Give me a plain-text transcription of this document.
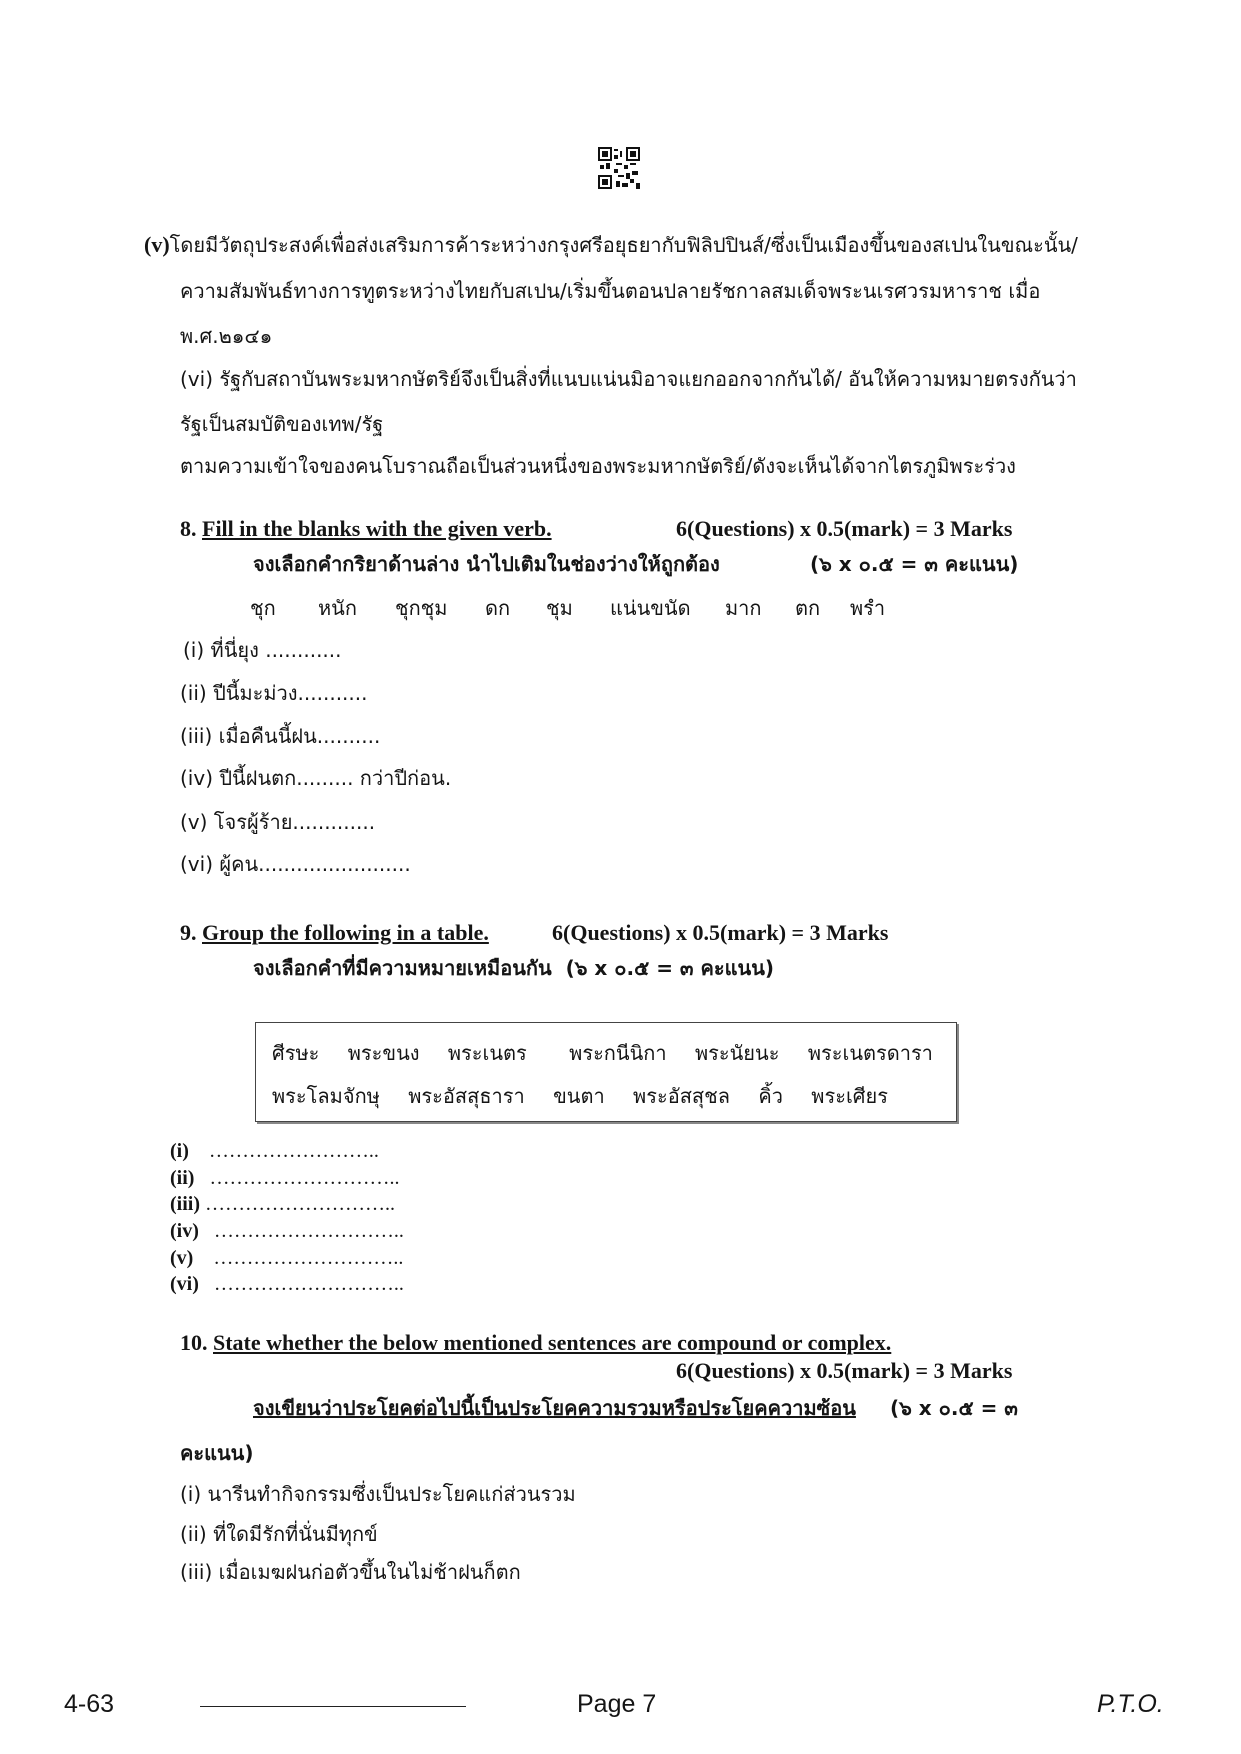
(v)โดยมีวัตถุประสงค์เพื่อส่งเสริมการค้าระหว่างกรุงศรีอยุธยากับฟิลิปปินส์/ซึ่งเป็นเมืองขึ้นของสเปนในขณะนั้น/
ความสัมพันธ์ทางการทูตระหว่างไทยกับสเปน/เริ่มขึ้นตอนปลายรัชกาลสมเด็จพระนเรศวรมหาราช เมื่อ
พ.ศ.๒๑๔๑
(vi) รัฐกับสถาบันพระมหากษัตริย์จึงเป็นสิ่งที่แนบแน่นมิอาจแยกออกจากกันได้/ อันให้ความหมายตรงกันว่า
รัฐเป็นสมบัติของเทพ/รัฐ
ตามความเข้าใจของคนโบราณถือเป็นส่วนหนึ่งของพระมหากษัตริย์/ดังจะเห็นได้จากไตรภูมิพระร่วง
8. Fill in the blanks with the given verb.	6(Questions) x 0.5(mark) = 3 Marks
จงเลือกคำกริยาด้านล่าง นำไปเติมในช่องว่างให้ถูกต้อง	(๖ x ๐.๕ = ๓ คะแนน)
ชุก หนัก ชุกชุม ดก ชุม แน่นขนัด มาก ตก พรำ
(i) ที่นี่ยุง ............
(ii) ปีนี้มะม่วง...........
(iii) เมื่อคืนนี้ฝน..........
(iv) ปีนี้ฝนตก......... กว่าปีก่อน.
(v) โจรผู้ร้าย.............
(vi) ผู้คน........................
9. Group the following in a table.	6(Questions) x 0.5(mark) = 3 Marks
จงเลือกคำที่มีความหมายเหมือนกัน (๖ x ๐.๕ = ๓ คะแนน)
ศีรษะ พระขนง พระเนตร พระกนีนิกา พระนัยนะ พระเนตรดารา
พระโลมจักษุ พระอัสสุธารา ขนตา พระอัสสุชล คิ้ว พระเศียร
(i) ……………………..
(ii) ………………………..
(iii) ………………………..
(iv) ………………………..
(v) ………………………..
(vi) ………………………..
10. State whether the below mentioned sentences are compound or complex.
6(Questions) x 0.5(mark) = 3 Marks
จงเขียนว่าประโยคต่อไปนี้เป็นประโยคความรวมหรือประโยคความซ้อน (๖ x ๐.๕ = ๓
คะแนน)
(i) นารีนทำกิจกรรมซึ่งเป็นประโยคแก่ส่วนรวม
(ii) ที่ใดมีรักที่นั่นมีทุกข์
(iii) เมื่อเมฆฝนก่อตัวขึ้นในไม่ช้าฝนก็ตก
4-63	Page 7	P.T.O.
